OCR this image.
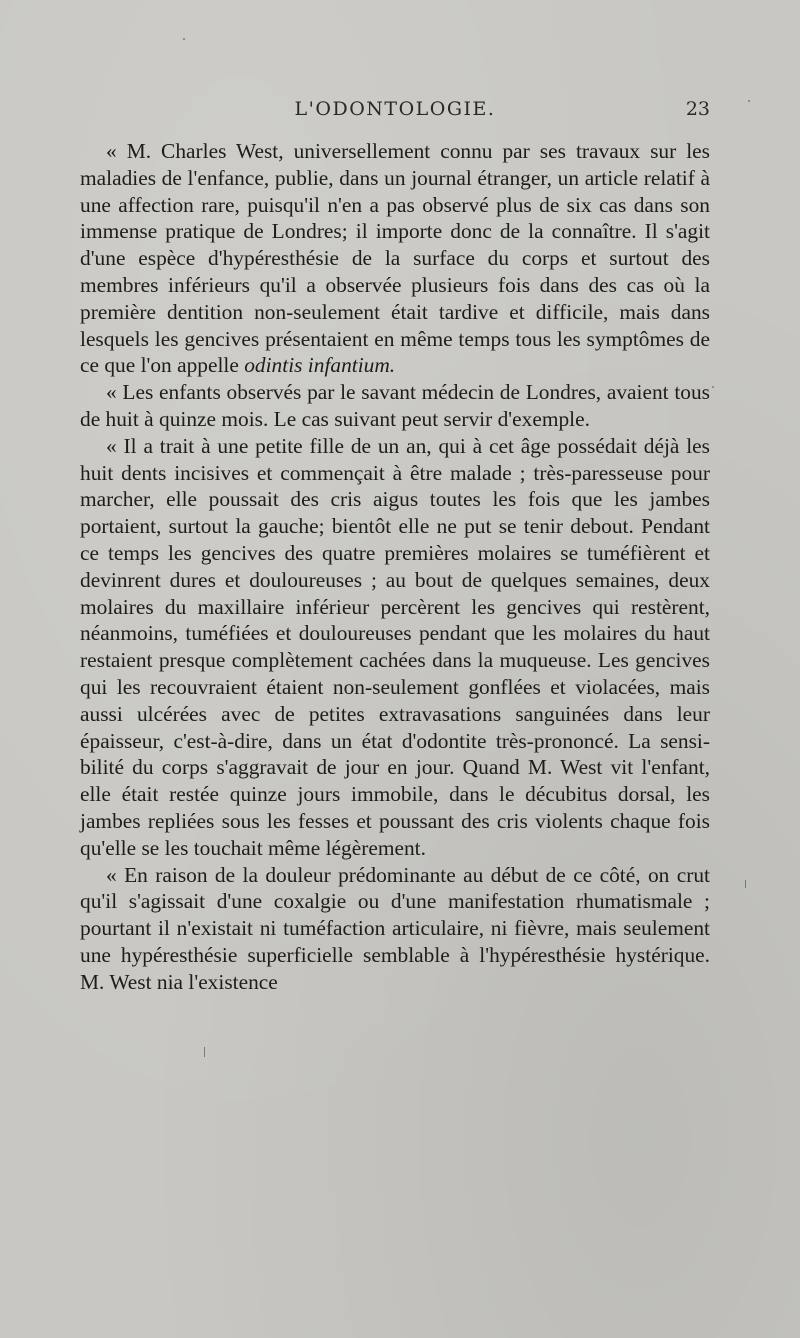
L'ODONTOLOGIE.	23

« M. Charles West, universellement connu par ses travaux sur les maladies de l'enfance, publie, dans un journal étranger, un article relatif à une affection rare, puisqu'il n'en a pas observé plus de six cas dans son immense pratique de Londres; il importe donc de la connaître. Il s'agit d'une espèce d'hypéresthésie de la surface du corps et surtout des membres inférieurs qu'il a observée plusieurs fois dans des cas où la première dentition non-seulement était tardive et difficile, mais dans lesquels les gencives présentaient en même temps tous les symptômes de ce que l'on appelle odintis infantium.

« Les enfants observés par le savant médecin de Londres, avaient tous de huit à quinze mois. Le cas suivant peut servir d'exemple.

« Il a trait à une petite fille de un an, qui à cet âge possédait déjà les huit dents incisives et commençait à être malade ; très-paresseuse pour marcher, elle poussait des cris aigus toutes les fois que les jambes portaient, surtout la gauche; bientôt elle ne put se tenir debout. Pendant ce temps les gencives des quatre premières molaires se tuméfièrent et devinrent dures et douloureuses ; au bout de quelques semaines, deux molaires du maxillaire inférieur percèrent les gencives qui restèrent, néanmoins, tuméfiées et douloureuses pendant que les molaires du haut restaient presque complètement cachées dans la muqueuse. Les gencives qui les recouvraient étaient non-seulement gonflées et violacées, mais aussi ulcérées avec de petites extravasations sanguinées dans leur épaisseur, c'est-à-dire, dans un état d'odontite très-prononcé. La sensibilité du corps s'aggravait de jour en jour. Quand M. West vit l'enfant, elle était restée quinze jours immobile, dans le décubitus dorsal, les jambes repliées sous les fesses et poussant des cris violents chaque fois qu'elle se les touchait même légèrement.

« En raison de la douleur prédominante au début de ce côté, on crut qu'il s'agissait d'une coxalgie ou d'une manifestation rhumatismale ; pourtant il n'existait ni tuméfaction articulaire, ni fièvre, mais seulement une hypéresthésie superficielle semblable à l'hypéresthésie hystérique. M. West nia l'existence
